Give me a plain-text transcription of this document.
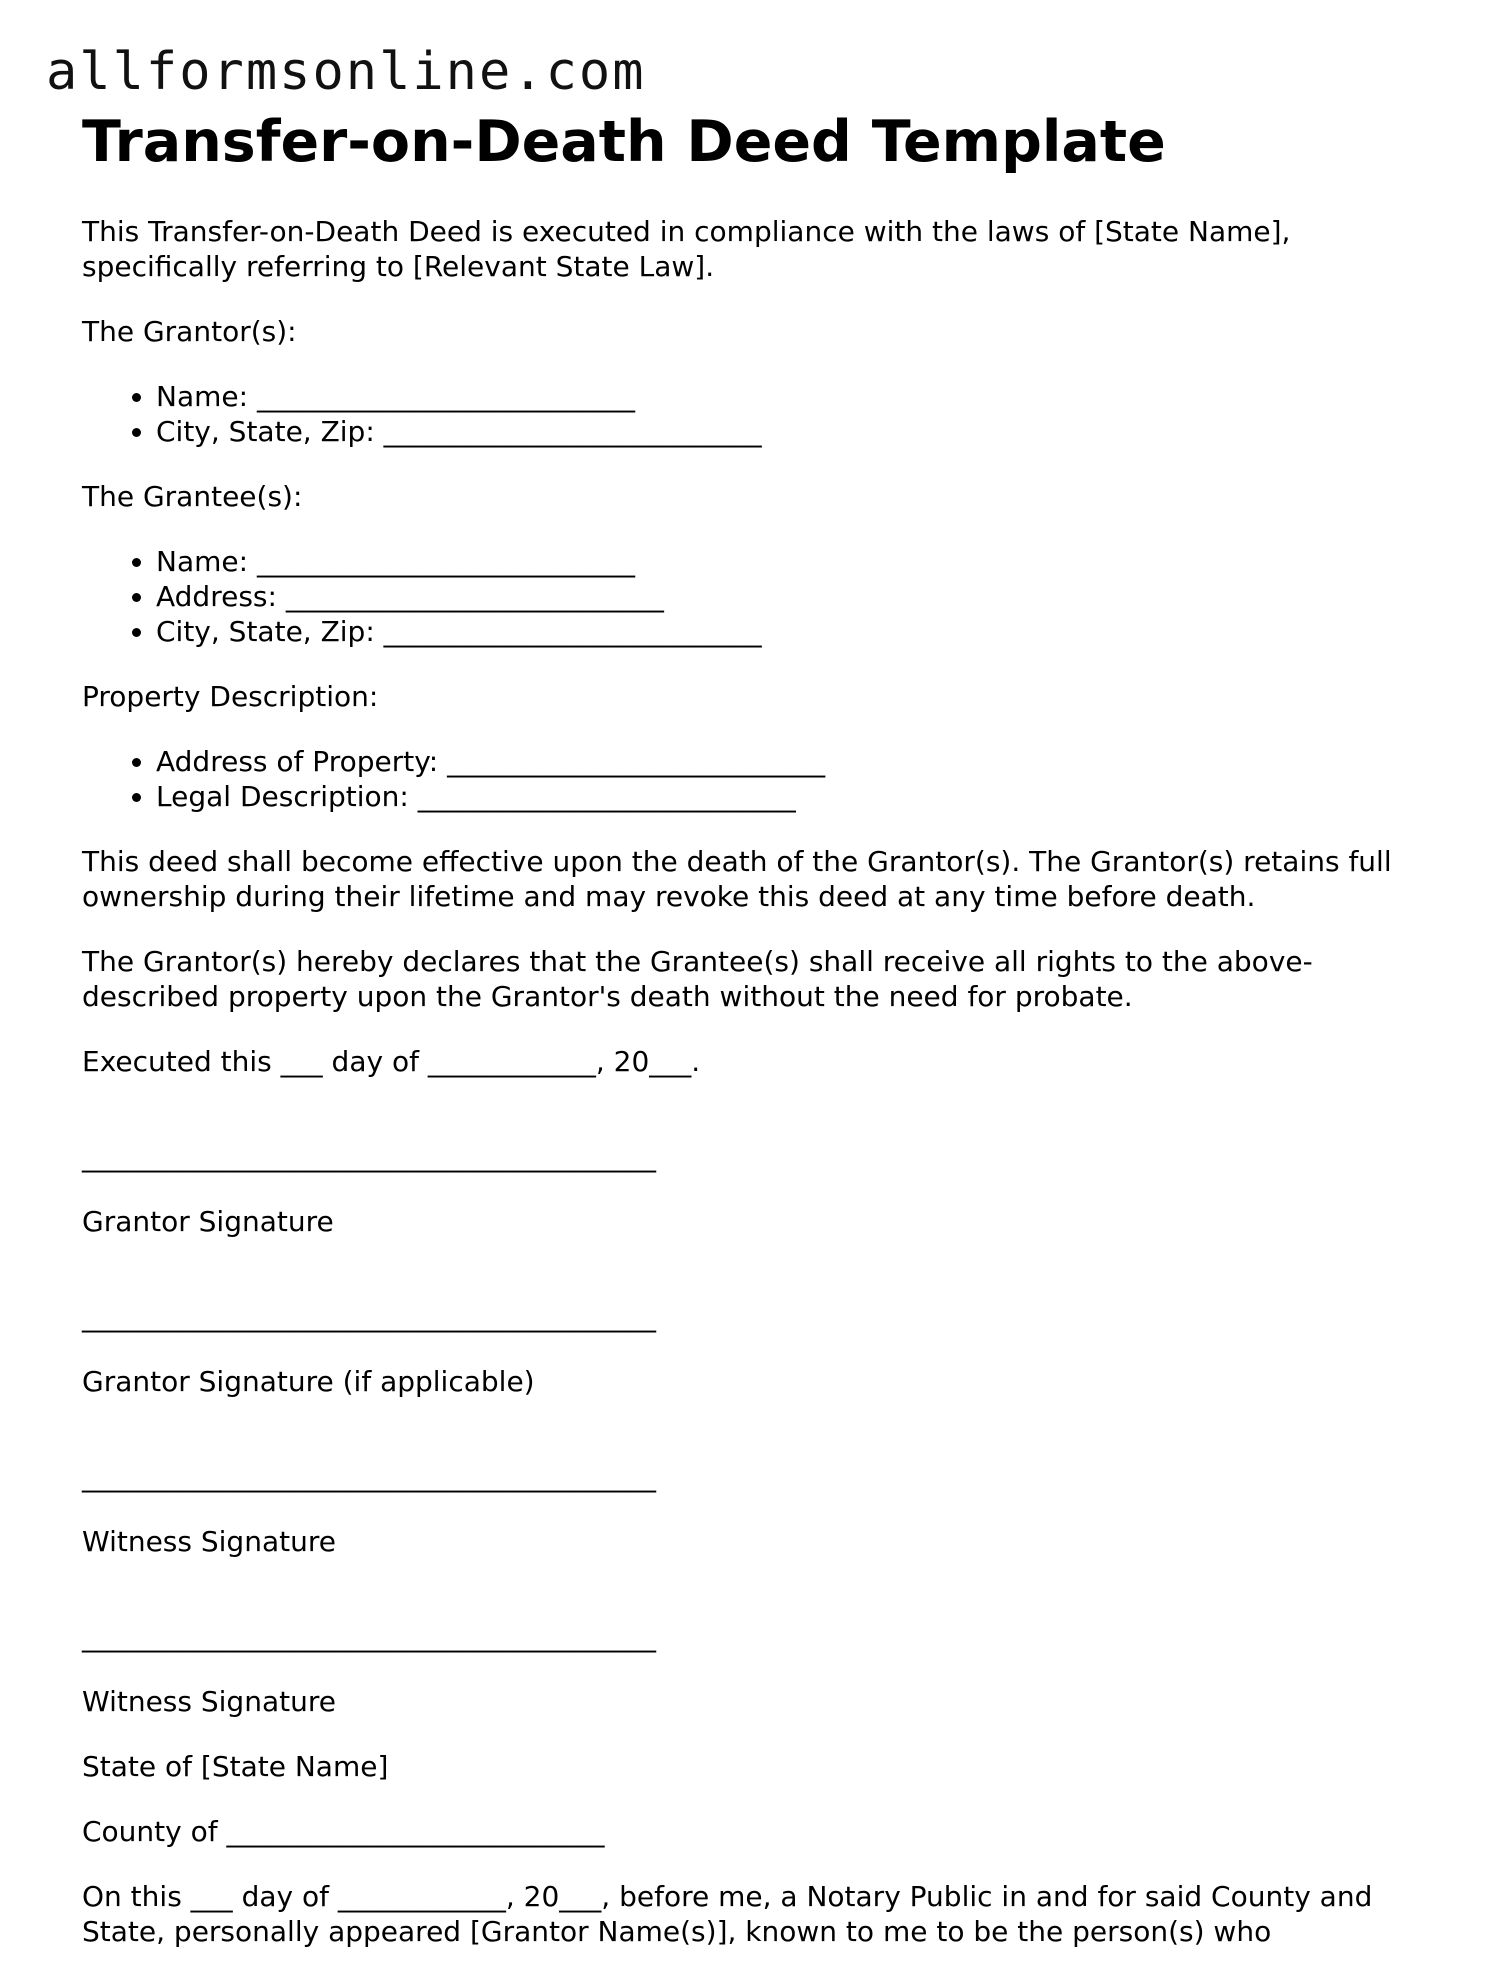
allformsonline.com
Transfer-on-Death Deed Template

This Transfer-on-Death Deed is executed in compliance with the laws of [State Name], specifically referring to [Relevant State Law].

The Grantor(s):

• Name: ___________________________
• City, State, Zip: ___________________________

The Grantee(s):

• Name: ___________________________
• Address: ___________________________
• City, State, Zip: ___________________________

Property Description:

• Address of Property: ___________________________
• Legal Description: ___________________________

This deed shall become effective upon the death of the Grantor(s). The Grantor(s) retains full ownership during their lifetime and may revoke this deed at any time before death.

The Grantor(s) hereby declares that the Grantee(s) shall receive all rights to the above-described property upon the Grantor's death without the need for probate.

Executed this ___ day of ____________, 20___.

_________________________________________

Grantor Signature

_________________________________________

Grantor Signature (if applicable)

_________________________________________

Witness Signature

_________________________________________

Witness Signature

State of [State Name]

County of ___________________________

On this ___ day of ____________, 20___, before me, a Notary Public in and for said County and State, personally appeared [Grantor Name(s)], known to me to be the person(s) who
